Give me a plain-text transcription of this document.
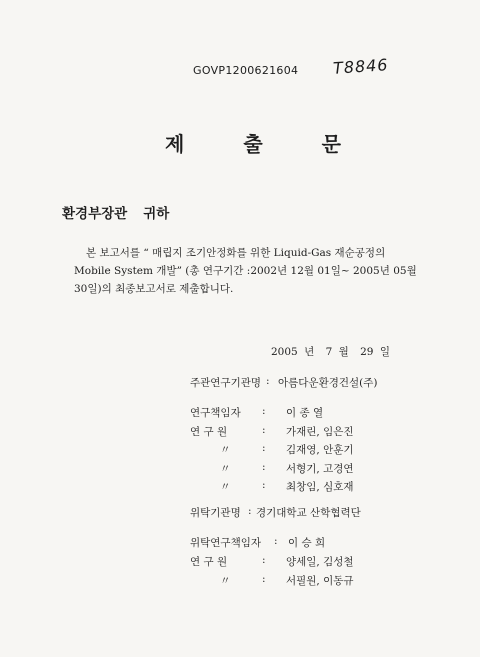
GOVP1200621604 T8846
제 출 문
환경부장관 귀하

본 보고서를 “ 매립지 조기안정화를 위한 Liquid-Gas 재순공정의

Mobile System 개발” (총 연구기간 :2002년 12월 01일~ 2005년 05월

30일)의 최종보고서로 제출합니다.

2005 년 7 월 29 일
주관연구기관명 : 아름다운환경건설(주)
연구책임자 : 이 종 열
연 구 원	: 가재린, 임은진
〃	: 김재영, 안훈기
〃	: 서형기, 고경연
〃	: 최창임, 심호재
위탁기관명 : 경기대학교 산학협력단
위탁연구책임자 : 이 승 희
연 구 원	: 양세일, 김성철
〃	: 서필원, 이동규
